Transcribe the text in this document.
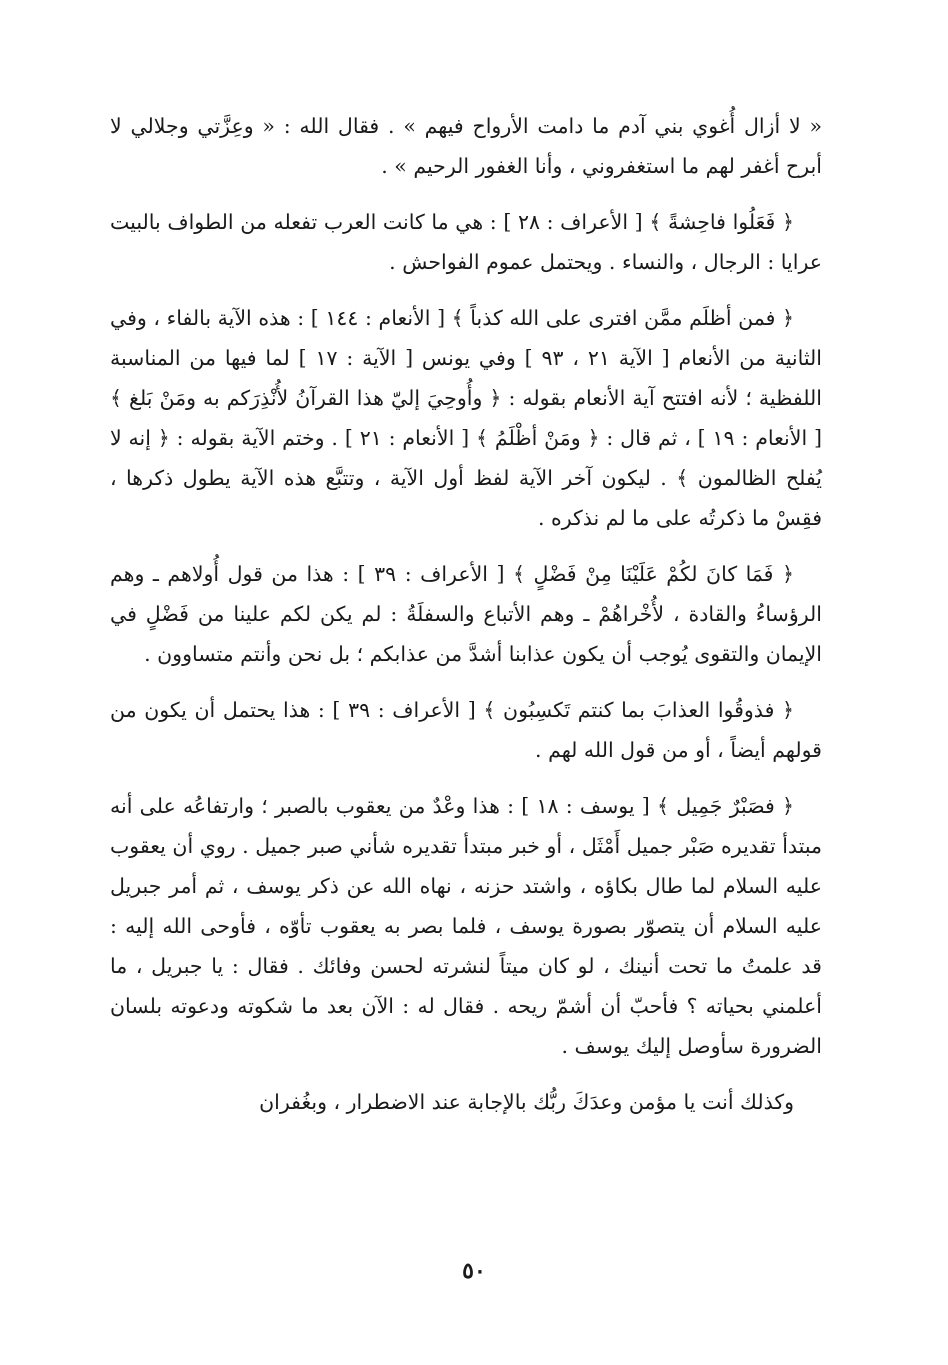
« لا أزال أُغوي بني آدم ما دامت الأرواح فيهم » . فقال الله : « وعِزَّتي وجلالي لا أبرح أغفر لهم ما استغفروني ، وأنا الغفور الرحيم » .

﴿ فَعَلُوا فاحِشةً ﴾ [ الأعراف : ٢٨ ] : هي ما كانت العرب تفعله من الطواف بالبيت عرايا : الرجال ، والنساء . ويحتمل عموم الفواحش .

﴿ فمن أظلَم ممَّن افترى على الله كذباً ﴾ [ الأنعام : ١٤٤ ] : هذه الآية بالفاء ، وفي الثانية من الأنعام [ الآية ٢١ ، ٩٣ ] وفي يونس [ الآية : ١٧ ] لما فيها من المناسبة اللفظية ؛ لأنه افتتح آية الأنعام بقوله : ﴿ وأُوحِيَ إليّ هذا القرآنُ لأُنْذِرَكم به ومَنْ بَلغ ﴾ [ الأنعام : ١٩ ] ، ثم قال : ﴿ ومَنْ أظْلَمُ ﴾ [ الأنعام : ٢١ ] . وختم الآية بقوله : ﴿ إنه لا يُفلح الظالمون ﴾ . ليكون آخر الآية لفظ أول الآية ، وتتبَّع هذه الآية يطول ذكرها ، فقِسْ ما ذكرتُه على ما لم نذكره .

﴿ فَمَا كانَ لكُمْ عَلَيْنَا مِنْ فَضْلٍ ﴾ [ الأعراف : ٣٩ ] : هذا من قول أُولاهم ـ وهم الرؤساءُ والقادة ، لأُخْراهُمْ ـ وهم الأتباع والسفلَةُ : لم يكن لكم علينا من فَضْلٍ في الإيمان والتقوى يُوجب أن يكون عذابنا أشدَّ من عذابكم ؛ بل نحن وأنتم متساوون .

﴿ فذوقُوا العذابَ بما كنتم تَكسِبُون ﴾ [ الأعراف : ٣٩ ] : هذا يحتمل أن يكون من قولهم أيضاً ، أو من قول الله لهم .

﴿ فصَبْرٌ جَمِيل ﴾ [ يوسف : ١٨ ] : هذا وعْدٌ من يعقوب بالصبر ؛ وارتفاعُه على أنه مبتدأ تقديره صَبْر جميل أَمْثَل ، أو خبر مبتدأ تقديره شأني صبر جميل . روي أن يعقوب عليه السلام لما طال بكاؤه ، واشتد حزنه ، نهاه الله عن ذكر يوسف ، ثم أمر جبريل عليه السلام أن يتصوّر بصورة يوسف ، فلما بصر به يعقوب تأوّه ، فأوحى الله إليه : قد علمتُ ما تحت أنينك ، لو كان ميتاً لنشرته لحسن وفائك . فقال : يا جبريل ، ما أعلمني بحياته ؟ فأحبّ أن أشمّ ريحه . فقال له : الآن بعد ما شكوته ودعوته بلسان الضرورة سأوصل إليك يوسف .

وكذلك أنت يا مؤمن وعدَكَ ربُّك بالإجابة عند الاضطرار ، وبغُفران

٥٠
